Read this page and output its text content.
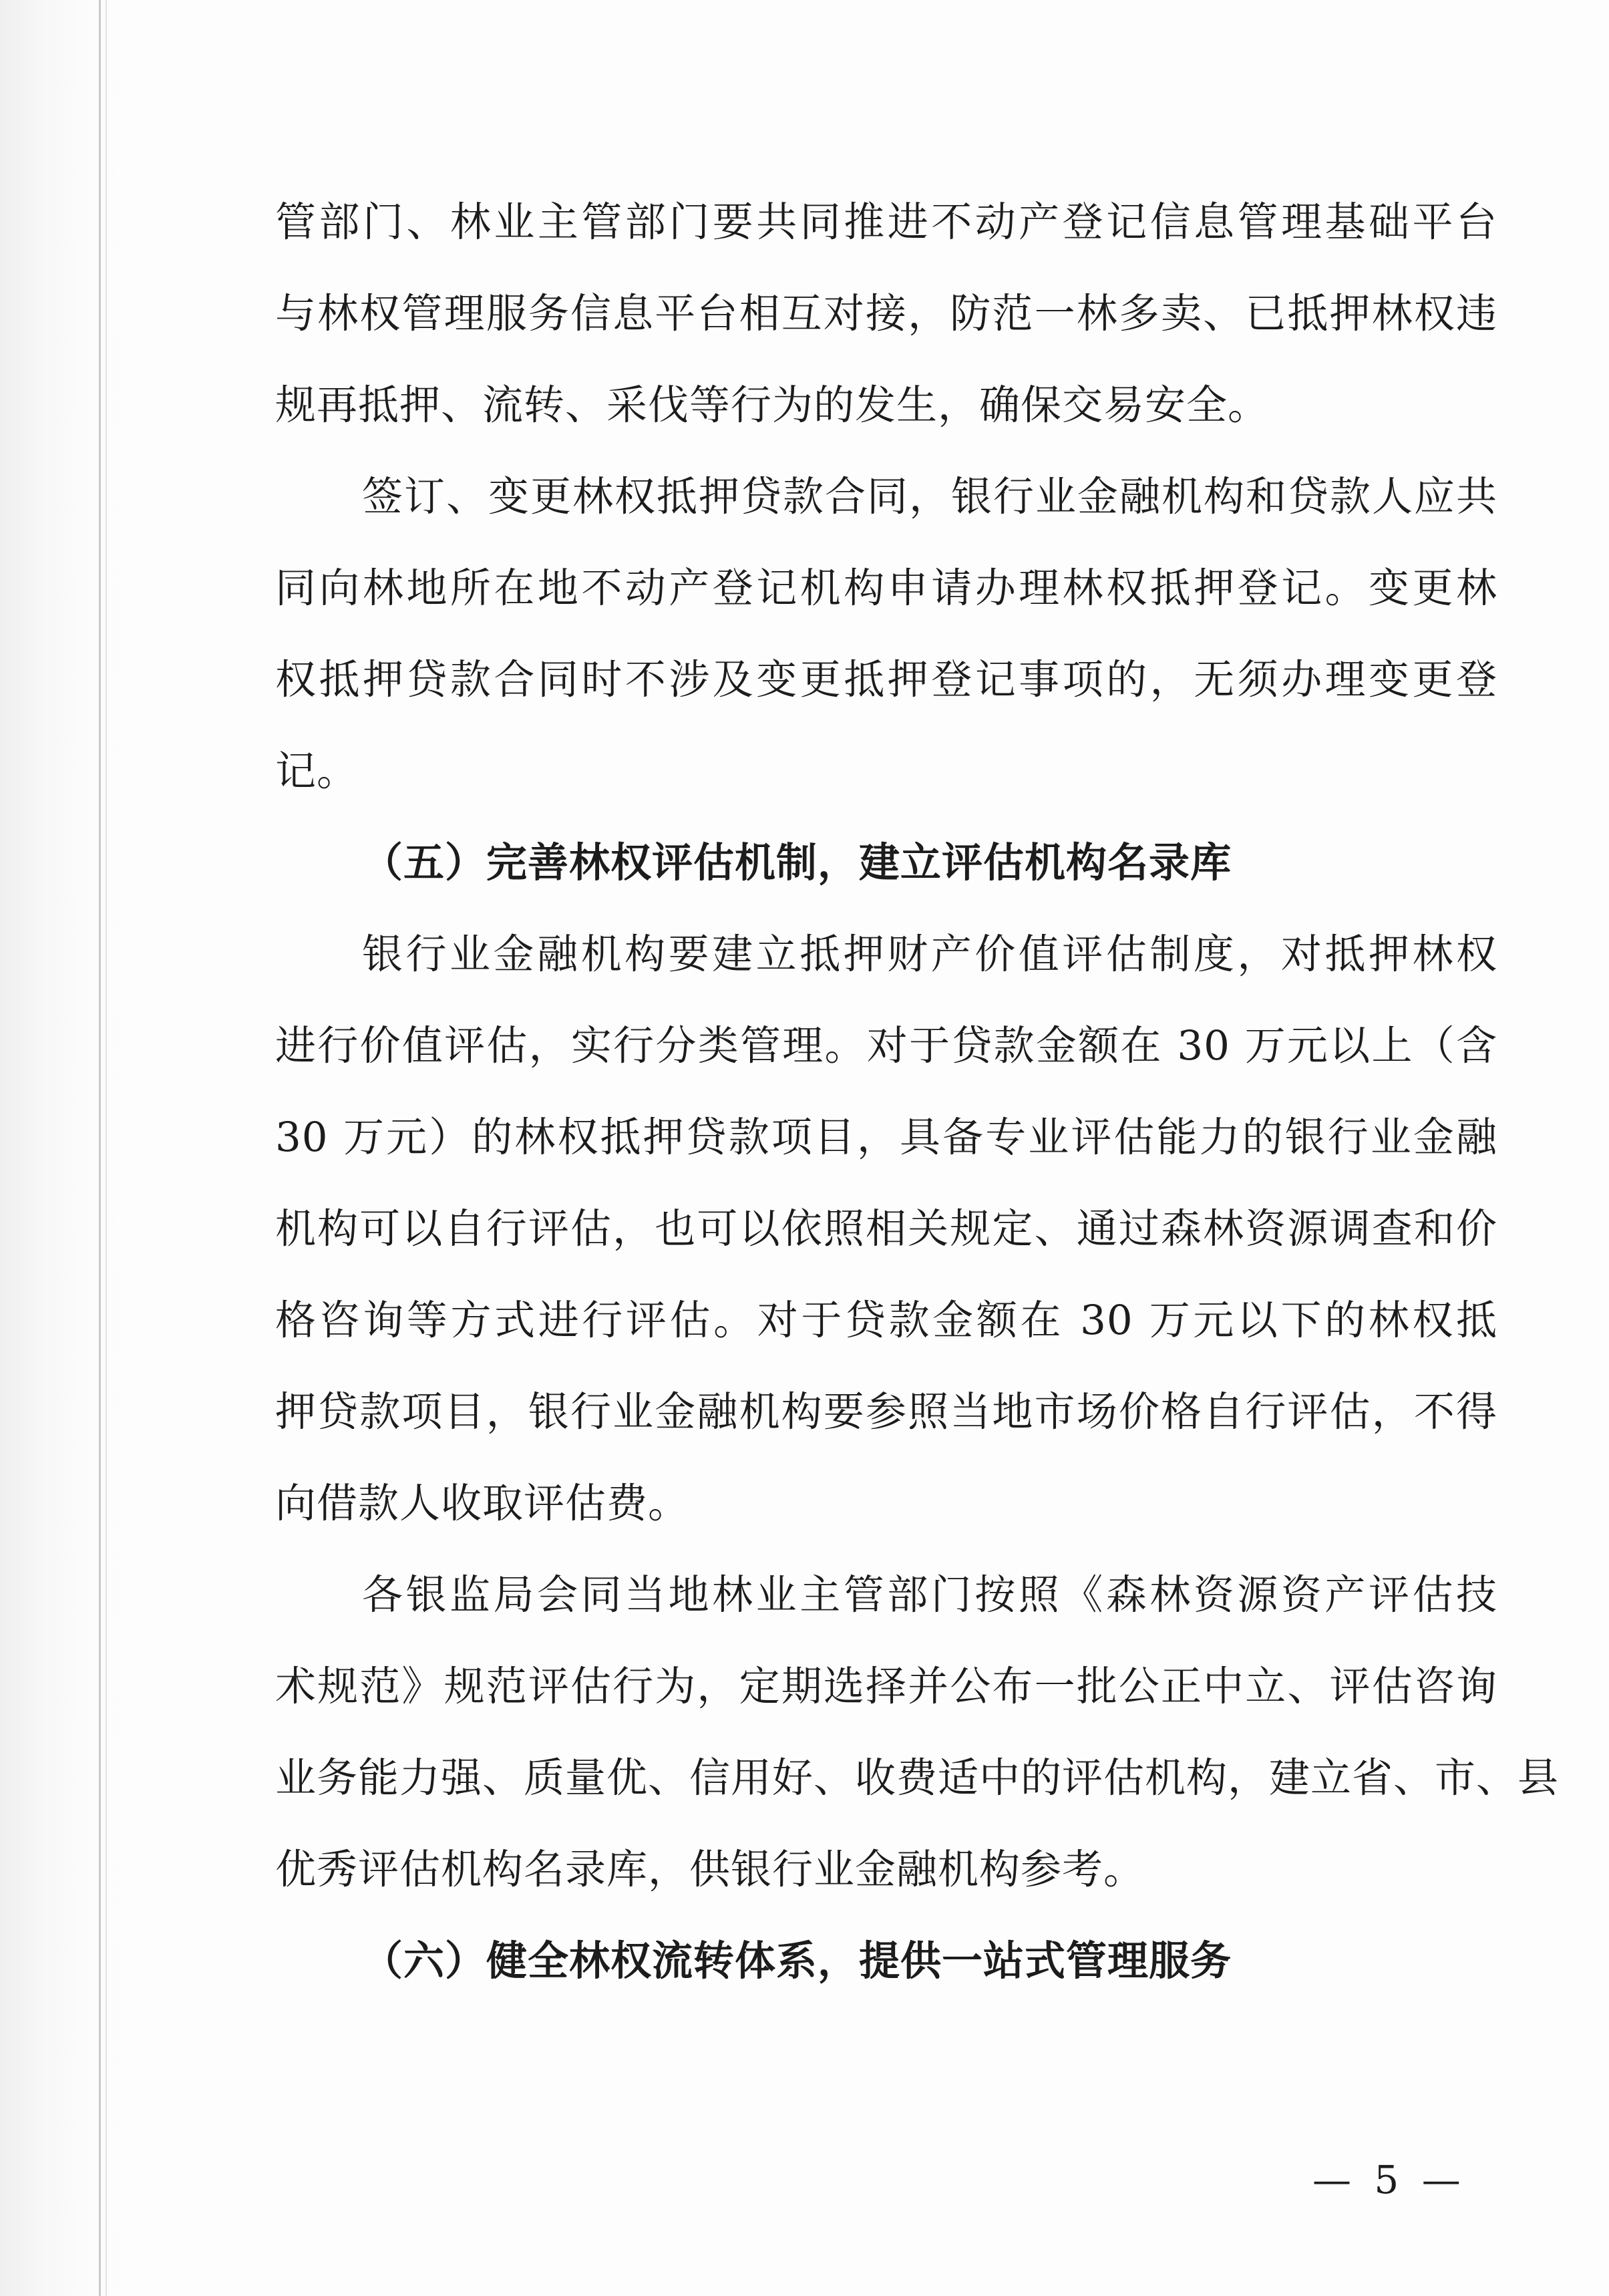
管部门、林业主管部门要共同推进不动产登记信息管理基础平台
与林权管理服务信息平台相互对接，防范一林多卖、已抵押林权违
规再抵押、流转、采伐等行为的发生，确保交易安全。
签订、变更林权抵押贷款合同，银行业金融机构和贷款人应共
同向林地所在地不动产登记机构申请办理林权抵押登记。变更林
权抵押贷款合同时不涉及变更抵押登记事项的，无须办理变更登
记。
（五）完善林权评估机制，建立评估机构名录库
银行业金融机构要建立抵押财产价值评估制度，对抵押林权
进行价值评估，实行分类管理。对于贷款金额在 30 万元以上（含
30 万元）的林权抵押贷款项目，具备专业评估能力的银行业金融
机构可以自行评估，也可以依照相关规定、通过森林资源调查和价
格咨询等方式进行评估。对于贷款金额在 30 万元以下的林权抵
押贷款项目，银行业金融机构要参照当地市场价格自行评估，不得
向借款人收取评估费。
各银监局会同当地林业主管部门按照《森林资源资产评估技
术规范》规范评估行为，定期选择并公布一批公正中立、评估咨询
业务能力强、质量优、信用好、收费适中的评估机构，建立省、市、县
优秀评估机构名录库，供银行业金融机构参考。
（六）健全林权流转体系，提供一站式管理服务
— 5 —
